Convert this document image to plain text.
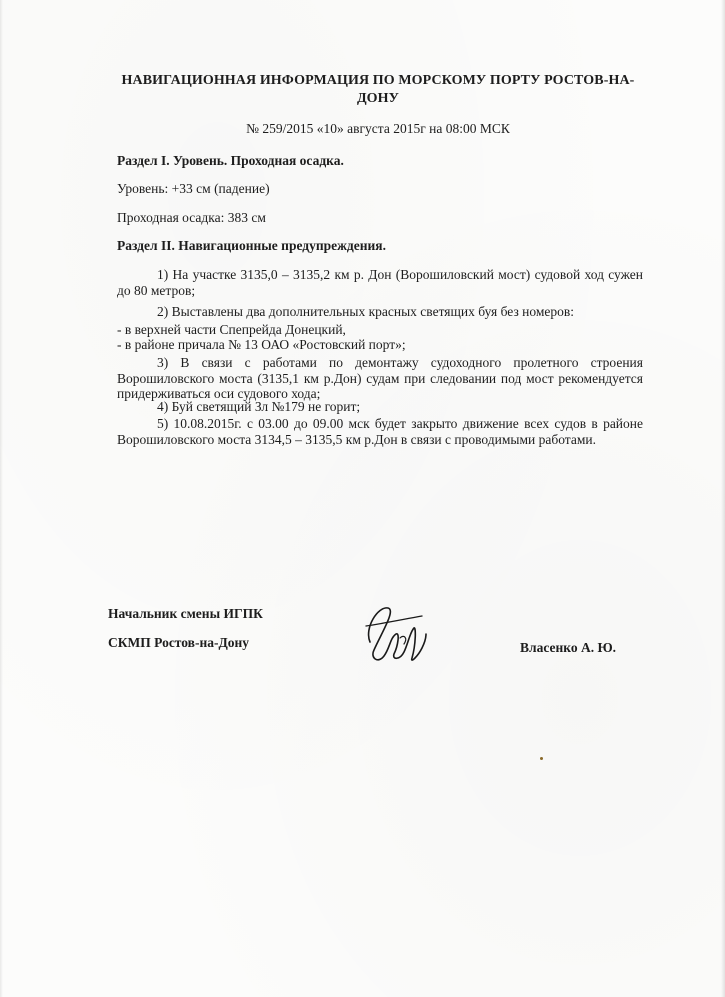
НАВИГАЦИОННАЯ ИНФОРМАЦИЯ ПО МОРСКОМУ ПОРТУ РОСТОВ-НА-ДОНУ
№ 259/2015 «10» августа 2015г на 08:00 МСК
Раздел I. Уровень. Проходная осадка.
Уровень: +33 см (падение)
Проходная осадка: 383 см
Раздел II. Навигационные предупреждения.
1) На участке 3135,0 – 3135,2 км р. Дон (Ворошиловский мост) судовой ход сужен до 80 метров;
2) Выставлены два дополнительных красных светящих буя без номеров:
- в верхней части Спепрейда Донецкий,
- в районе причала № 13 ОАО «Ростовский порт»;
3) В связи с работами по демонтажу судоходного пролетного строения Ворошиловского моста (3135,1 км р.Дон) судам при следовании под мост рекомендуется придерживаться оси судового хода;
4) Буй светящий Зл №179 не горит;
5) 10.08.2015г. с 03.00 до 09.00 мск будет закрыто движение всех судов в районе Ворошиловского моста 3134,5 – 3135,5 км р.Дон в связи с проводимыми работами.
Начальник смены ИГПК
СКМП Ростов-на-Дону	Власенко А. Ю.
